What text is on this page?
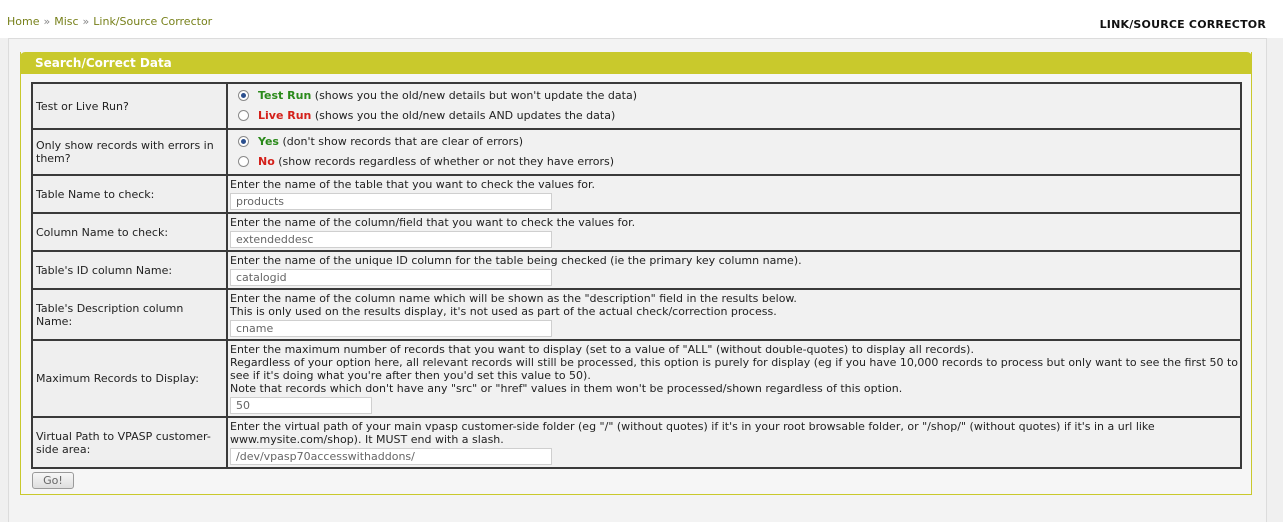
Home » Misc » Link/Source Corrector	LINK/SOURCE CORRECTOR
Search/Correct Data
Test or Live Run?	Test Run (shows you the old/new details but won't update the data)
Live Run (shows you the old/new details AND updates the data)

Only show records with errors in them?	Yes (don't show records that are clear of errors)
No (show records regardless of whether or not they have errors)

Table Name to check:	Enter the name of the table that you want to check the values for.
products
Column Name to check:	Enter the name of the column/field that you want to check the values for.
extendeddesc
Table's ID column Name:	Enter the name of the unique ID column for the table being checked (ie the primary key column name).
catalogid
Table's Description column Name:	Enter the name of the column name which will be shown as the "description" field in the results below.
This is only used on the results display, it's not used as part of the actual check/correction process.
cname
Maximum Records to Display:	Enter the maximum number of records that you want to display (set to a value of "ALL" (without double-quotes) to display all records).
Regardless of your option here, all relevant records will still be processed, this option is purely for display (eg if you have 10,000 records to process but only want to see the first 50 to see if it's doing what you're after then you'd set this value to 50).
Note that records which don't have any "src" or "href" values in them won't be processed/shown regardless of this option.
50
Virtual Path to VPASP customer-side area:	Enter the virtual path of your main vpasp customer-side folder (eg "/" (without quotes) if it's in your root browsable folder, or "/shop/" (without quotes) if it's in a url like www.mysite.com/shop). It MUST end with a slash.
/dev/vpasp70accesswithaddons/
Go!
